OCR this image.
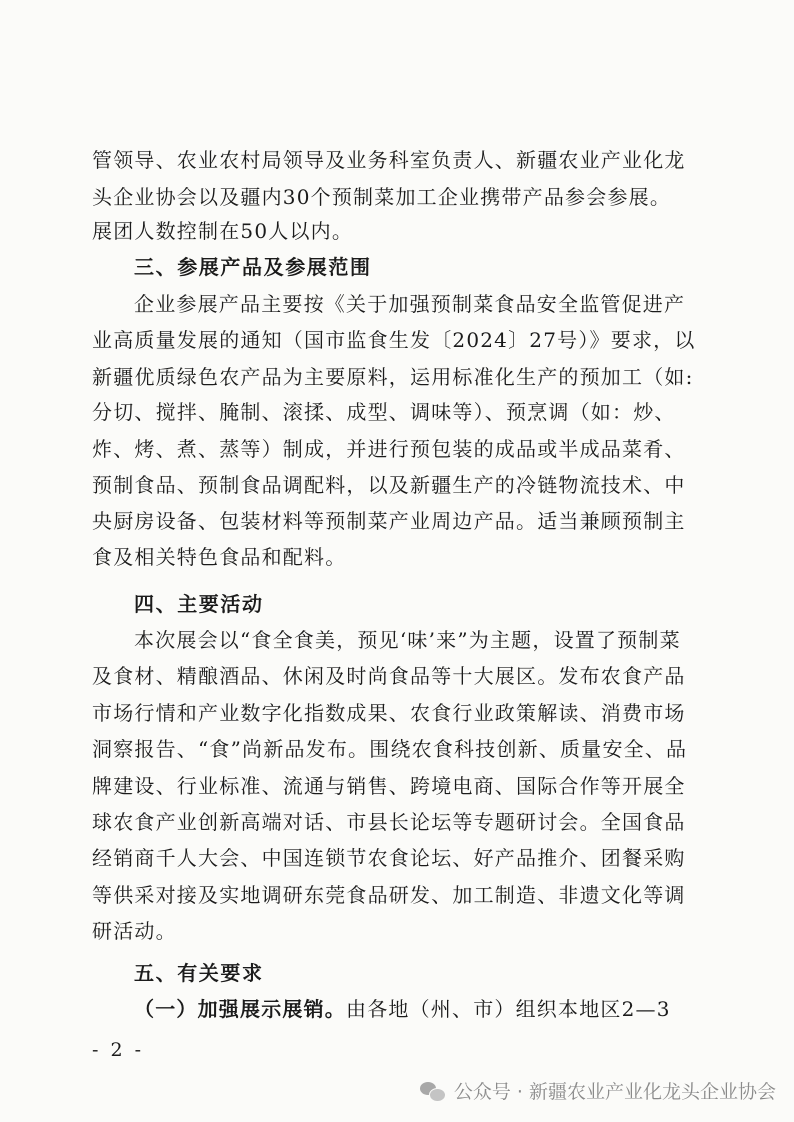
管领导、农业农村局领导及业务科室负责人、新疆农业产业化龙
头企业协会以及疆内30个预制菜加工企业携带产品参会参展。
展团人数控制在50人以内。
三、参展产品及参展范围
企业参展产品主要按《关于加强预制菜食品安全监管促进产
业高质量发展的通知（国市监食生发〔2024〕27号）》要求，以
新疆优质绿色农产品为主要原料，运用标准化生产的预加工（如:
分切、搅拌、腌制、滚揉、成型、调味等）、预烹调（如：炒、
炸、烤、煮、蒸等）制成，并进行预包装的成品或半成品菜肴、
预制食品、预制食品调配料，以及新疆生产的冷链物流技术、中
央厨房设备、包装材料等预制菜产业周边产品。适当兼顾预制主
食及相关特色食品和配料。
四、主要活动
本次展会以“食全食美，预见‘味’来”为主题，设置了预制菜
及食材、精酿酒品、休闲及时尚食品等十大展区。发布农食产品
市场行情和产业数字化指数成果、农食行业政策解读、消费市场
洞察报告、“食”尚新品发布。围绕农食科技创新、质量安全、品
牌建设、行业标准、流通与销售、跨境电商、国际合作等开展全
球农食产业创新高端对话、市县长论坛等专题研讨会。全国食品
经销商千人大会、中国连锁节农食论坛、好产品推介、团餐采购
等供采对接及实地调研东莞食品研发、加工制造、非遗文化等调
研活动。
五、有关要求
（一）加强展示展销。由各地（州、市）组织本地区2—3
- 2 -
公众号 · 新疆农业产业化龙头企业协会
